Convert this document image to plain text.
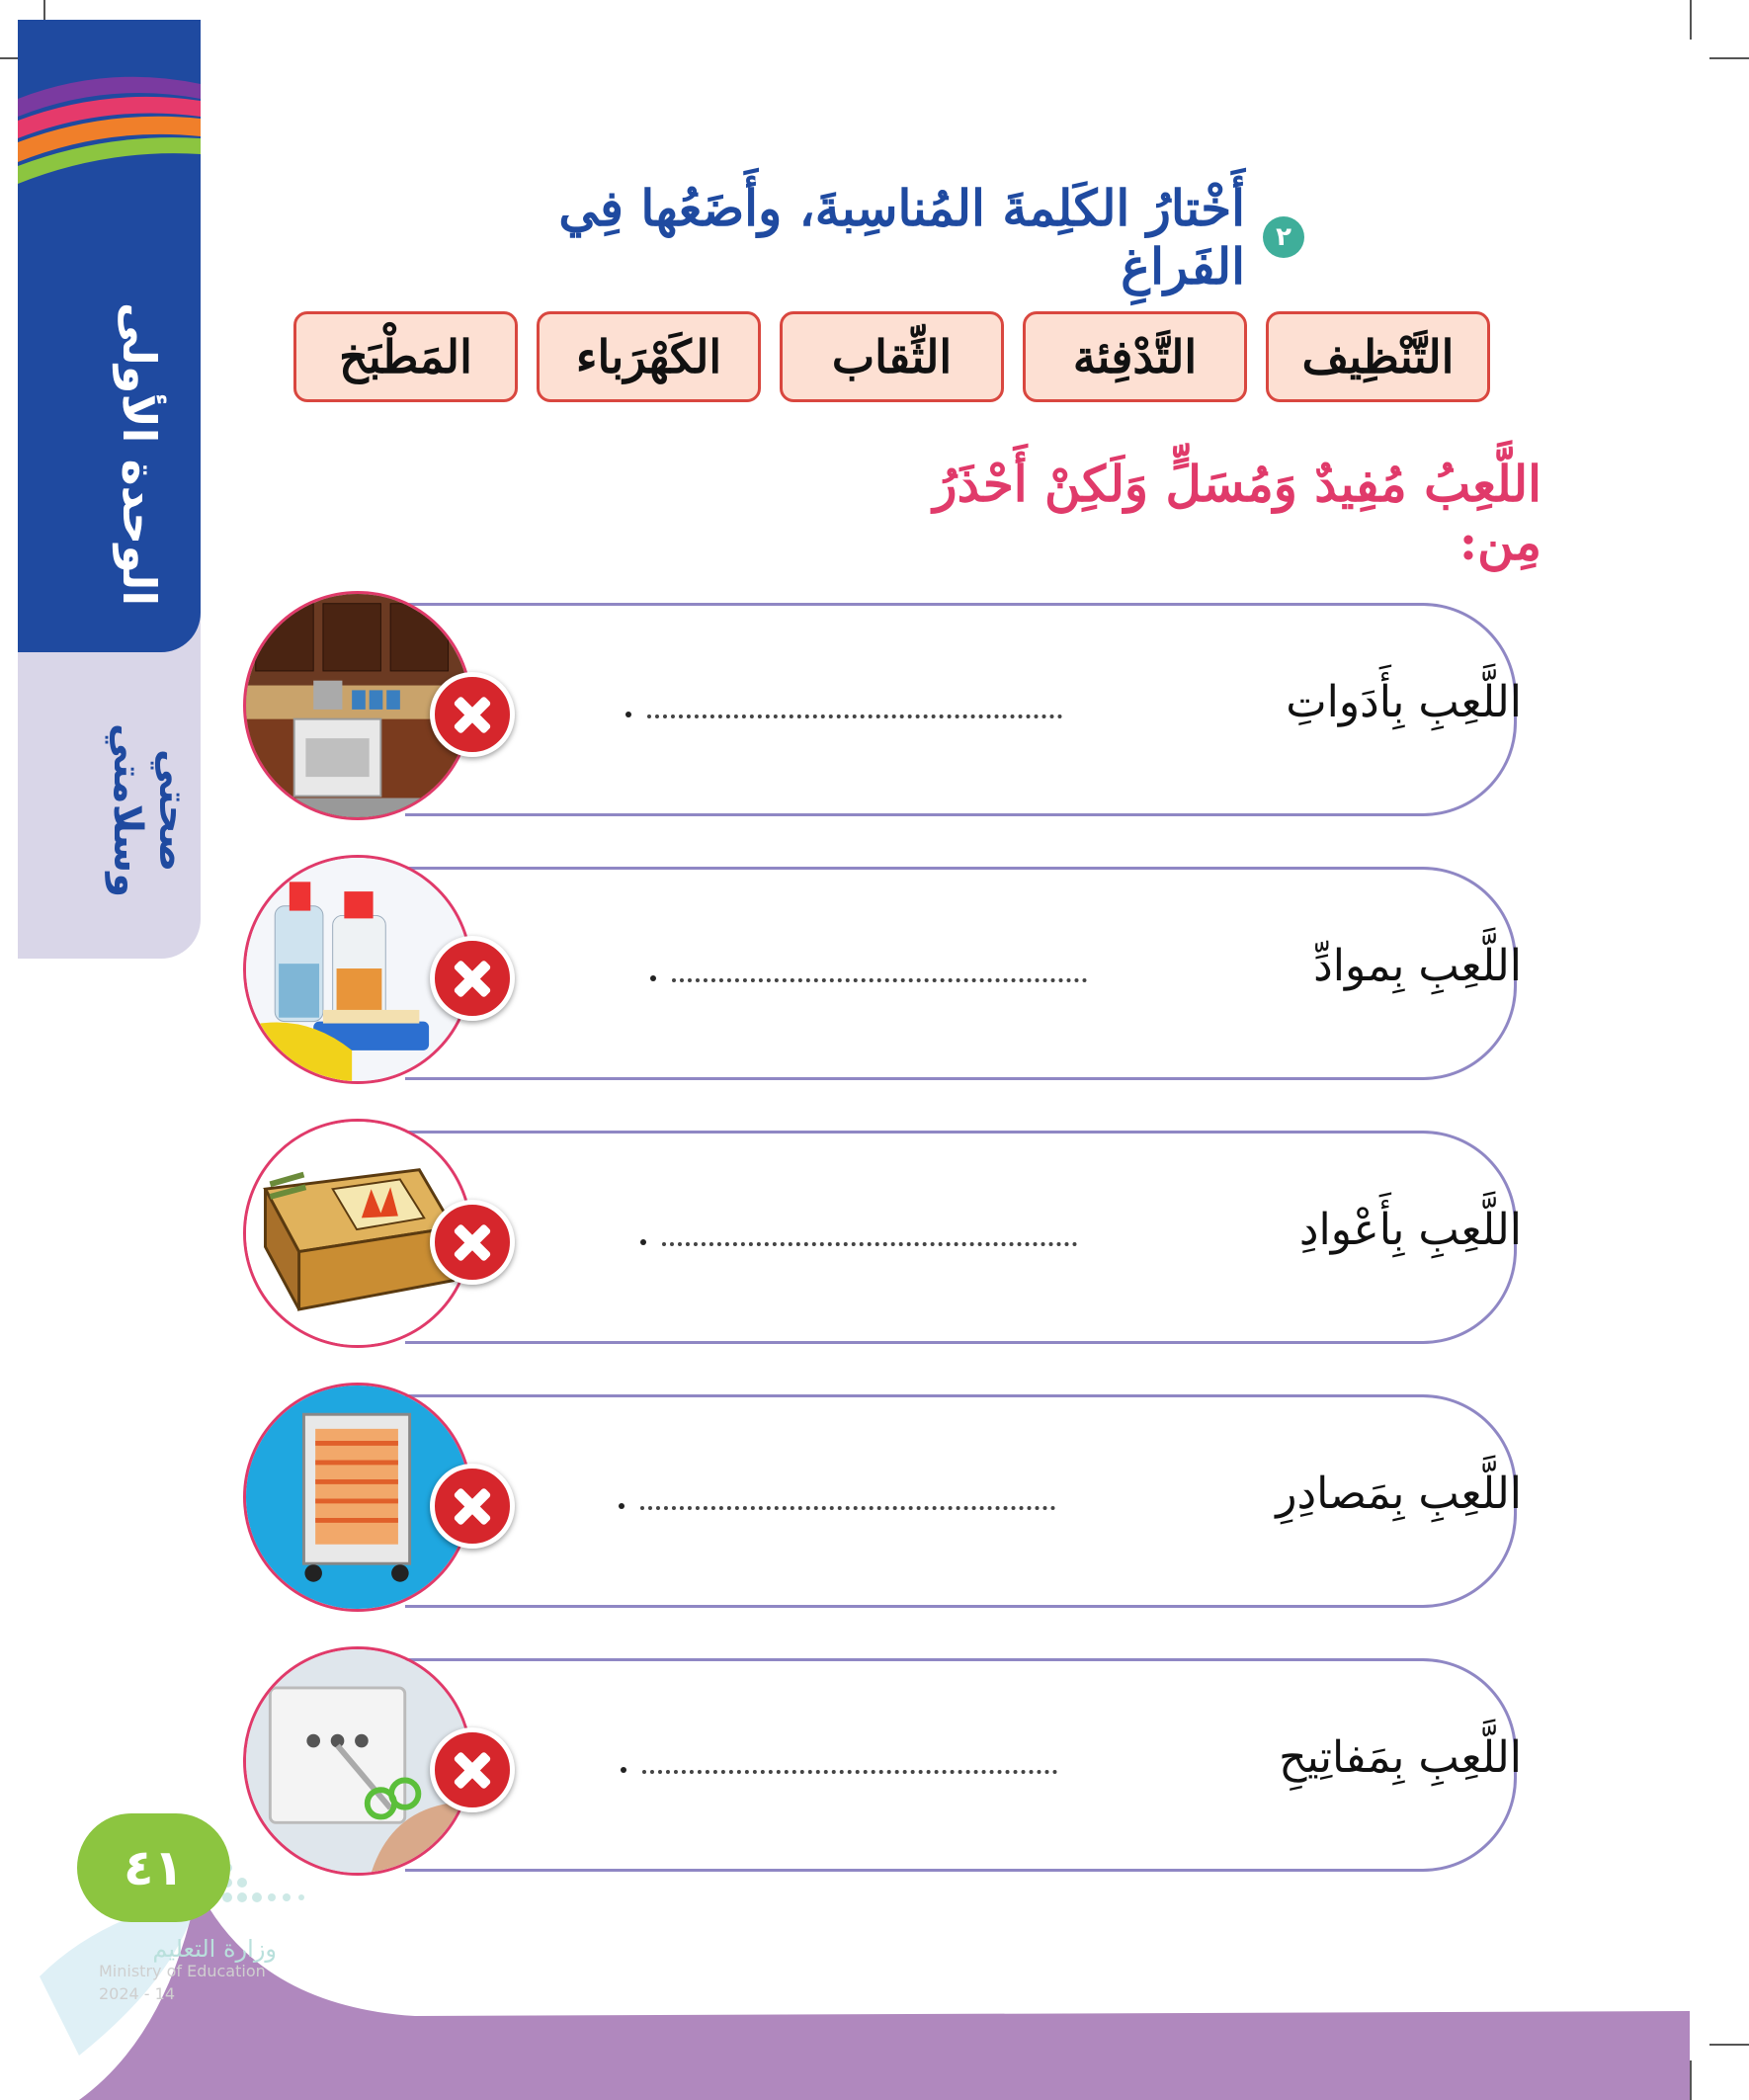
الوحدة الأولى
صحتي وسلامتي
٢
أَخْتارُ الكَلِمةَ المُناسِبةَ، وأَضَعُها فِي الفَراغِ
التَّنْظِيف
التَّدْفِئة
الثِّقاب
الكَهْرَباء
المَطْبَخ
اللَّعِبُ مُفِيدٌ وَمُسَلٍّ وَلَكِنْ أَحْذَرُ مِن:
اللَّعِبِ بِأَدَواتِ
اللَّعِبِ بِموادِّ
اللَّعِبِ بِأَعْوادِ
اللَّعِبِ بِمَصادِرِ
اللَّعِبِ بِمَفاتِيحِ
٤١
وزارة التعليم
Ministry of Education
2024 - 14
